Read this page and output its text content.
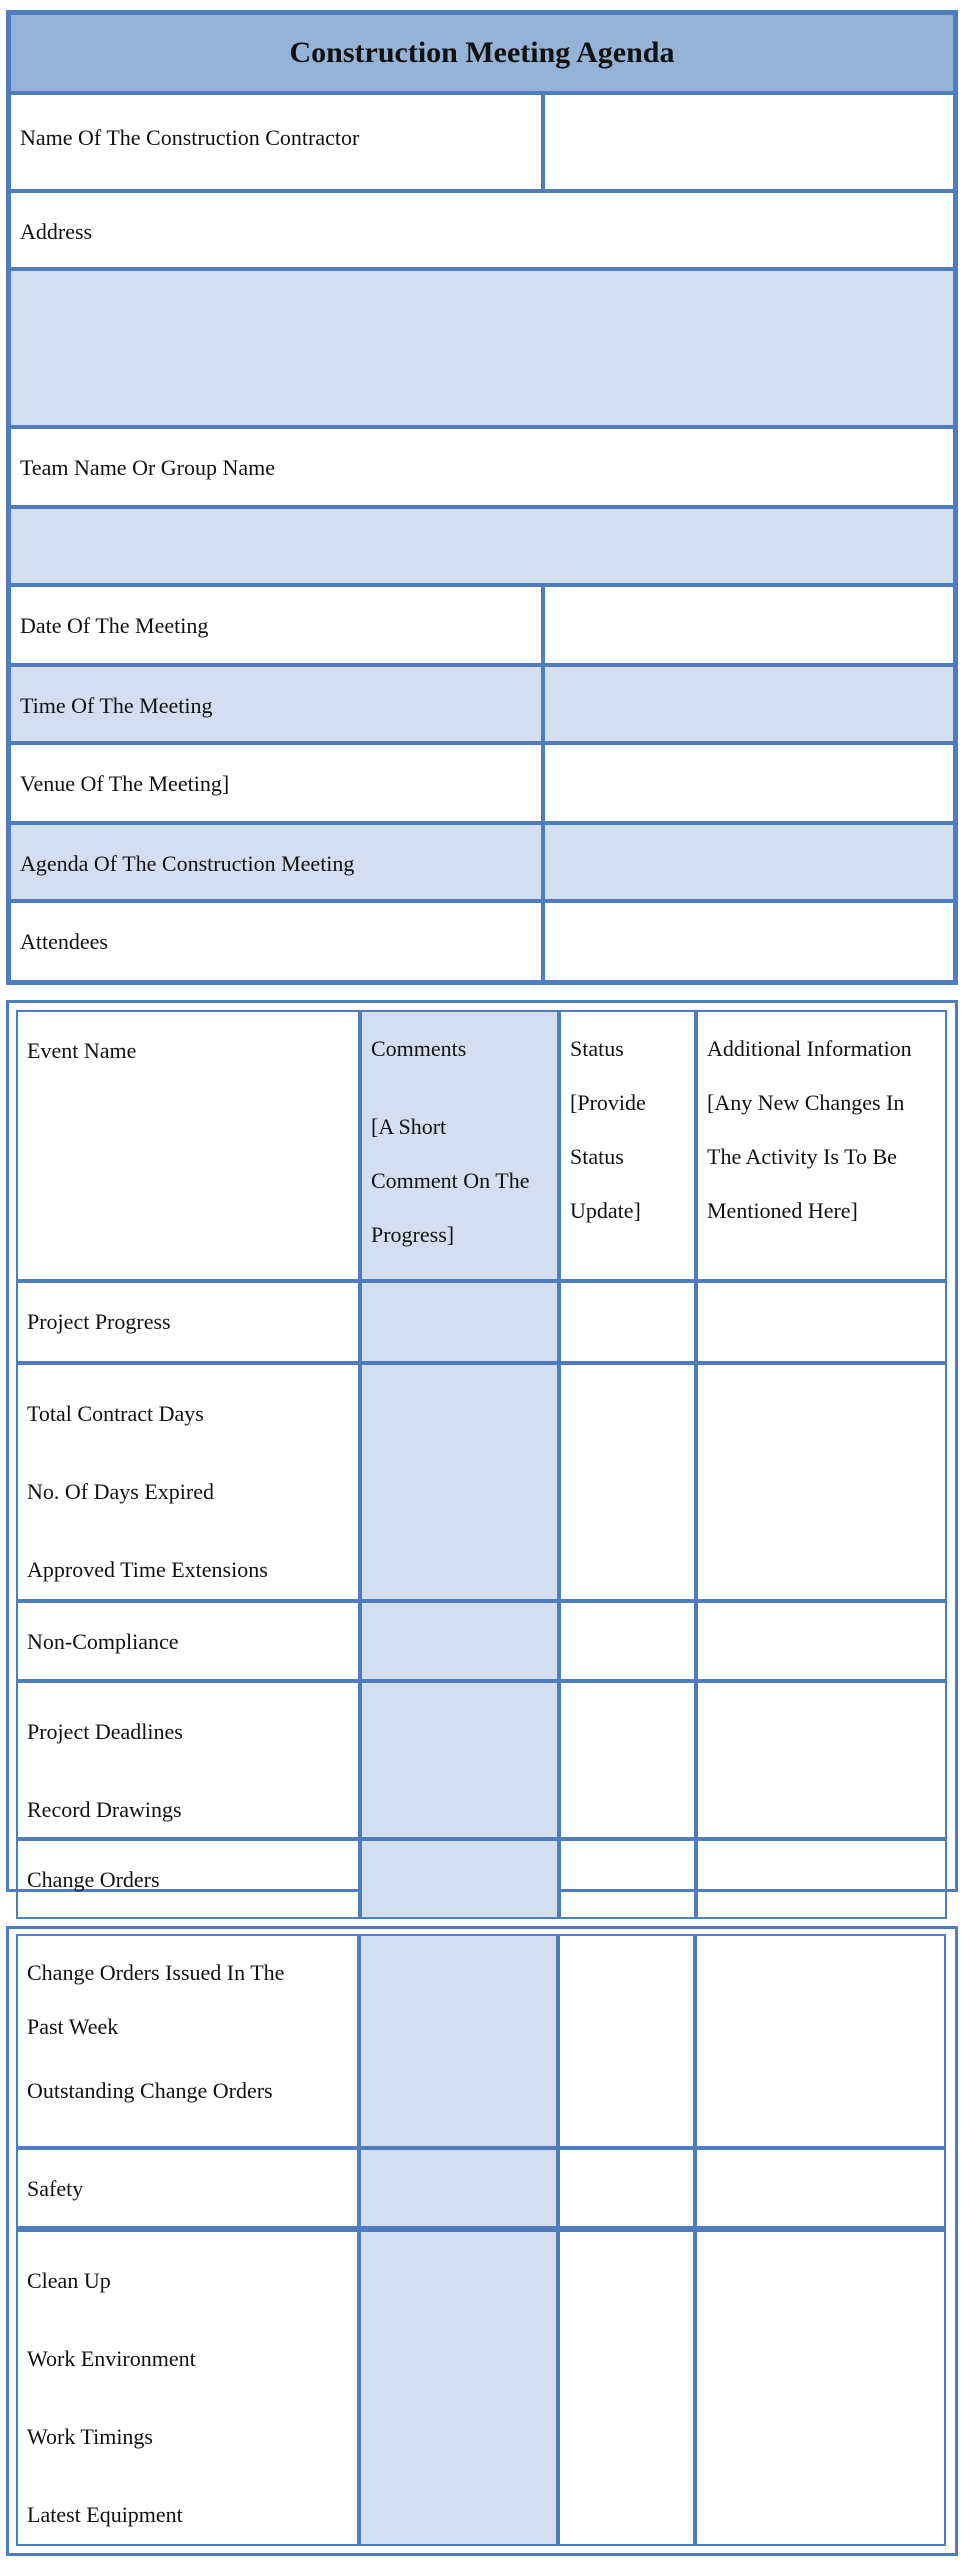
Construction Meeting Agenda
Name Of The Construction Contractor
Address
Team Name Or Group Name
Date Of The Meeting
Time Of The Meeting
Venue Of The Meeting]
Agenda Of The Construction Meeting
Attendees
Event Name	Comments
[A Short
Comment On The
Progress]
Status
[Provide
Status
Update]
Additional Information
[Any New Changes In
The Activity Is To Be
Mentioned Here]
Project Progress
Total Contract Days
No. Of Days Expired
Approved Time Extensions
Non-Compliance
Project Deadlines
Record Drawings
Change Orders
Change Orders Issued In The
Past Week
Outstanding Change Orders
Safety
Clean Up
Work Environment
Work Timings
Latest Equipment
